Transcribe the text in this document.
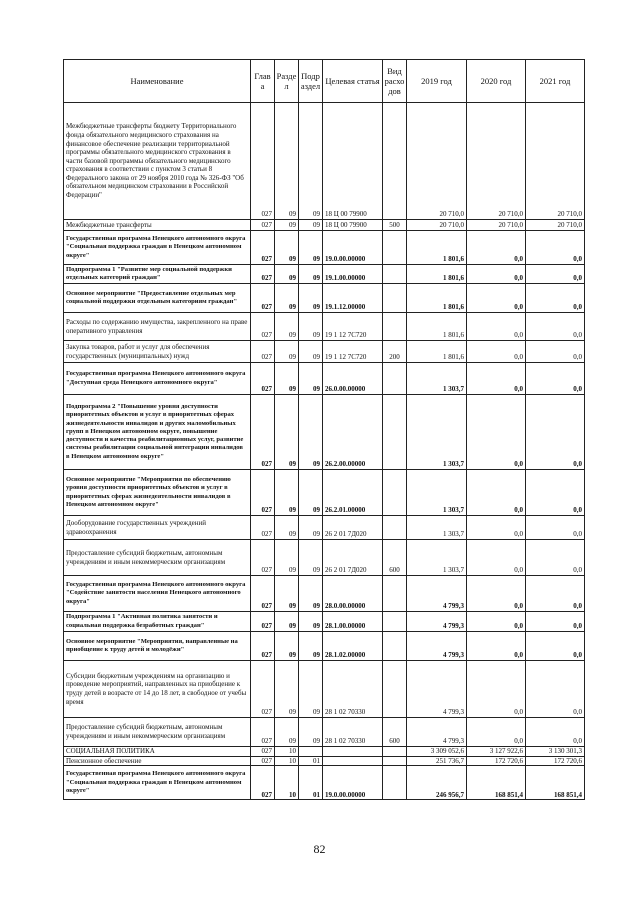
Наименование	Глав а	Разде л	Подр аздел	Целевая статья	Вид расхо дов	2019 год	2020 год	2021 год
Межбюджетные трансферты бюджету Территориального фонда обязательного медицинского страхования на финансовое обеспечение реализации территориальной программы обязательного медицинского страхования в части базовой программы обязательного медицинского страхования в соответствии с пунктом 3 статьи 8 Федерального закона от 29 ноября 2010 года № 326-ФЗ "Об обязательном медицинском страховании в Российской Федерации"	027	09	09	18 Ц 00 79900		20 710,0	20 710,0	20 710,0
Межбюджетные трансферты	027	09	09	18 Ц 00 79900	500	20 710,0	20 710,0	20 710,0
Государственная программа Ненецкого автономного округа "Социальная поддержка граждан в Ненецком автономном округе"	027	09	09	19.0.00.00000		1 801,6	0,0	0,0
Подпрограмма 1 "Развитие мер социальной поддержки отдельных категорий граждан"	027	09	09	19.1.00.00000		1 801,6	0,0	0,0
Основное мероприятие "Предоставление отдельных мер социальной поддержки отдельным категориям граждан"	027	09	09	19.1.12.00000		1 801,6	0,0	0,0
Расходы по содержанию имущества, закрепленного на праве оперативного управления	027	09	09	19 1 12 7С720		1 801,6	0,0	0,0
Закупка товаров, работ и услуг для обеспечения государственных (муниципальных) нужд	027	09	09	19 1 12 7С720	200	1 801,6	0,0	0,0
Государственная программа Ненецкого автономного округа "Доступная среда Ненецкого автономного округа"	027	09	09	26.0.00.00000		1 303,7	0,0	0,0
Подпрограмма 2 "Повышение уровня доступности приоритетных объектов и услуг в приоритетных сферах жизнедеятельности инвалидов и других маломобильных групп в Ненецком автономном округе, повышение доступности и качества реабилитационных услуг, развитие системы реабилитации социальной интеграции инвалидов в Ненецком автономном округе"	027	09	09	26.2.00.00000		1 303,7	0,0	0,0
Основное мероприятие "Мероприятия по обеспечению уровня доступности приоритетных объектов и услуг в приоритетных сферах жизнедеятельности инвалидов в Ненецком автономном округе"	027	09	09	26.2.01.00000		1 303,7	0,0	0,0
Дооборудование государственных учреждений здравоохранения	027	09	09	26 2 01 7Д020		1 303,7	0,0	0,0
Предоставление субсидий бюджетным, автономным учреждениям и иным некоммерческим организациям	027	09	09	26 2 01 7Д020	600	1 303,7	0,0	0,0
Государственная программа Ненецкого автономного округа "Содействие занятости населения Ненецкого автономного округа"	027	09	09	28.0.00.00000		4 799,3	0,0	0,0
Подпрограмма 1 "Активная политика занятости и социальная поддержка безработных граждан"	027	09	09	28.1.00.00000		4 799,3	0,0	0,0
Основное мероприятие "Мероприятия, направленные на приобщение к труду детей и молодёжи"	027	09	09	28.1.02.00000		4 799,3	0,0	0,0
Субсидии бюджетным учреждениям на организацию и проведение мероприятий, направленных на приобщение к труду детей в возрасте от 14 до 18 лет, в свободное от учебы время	027	09	09	28 1 02 70330		4 799,3	0,0	0,0
Предоставление субсидий бюджетным, автономным учреждениям и иным некоммерческим организациям	027	09	09	28 1 02 70330	600	4 799,3	0,0	0,0
СОЦИАЛЬНАЯ ПОЛИТИКА	027	10				3 309 052,6	3 127 922,6	3 130 301,3
Пенсионное обеспечение	027	10	01			251 736,7	172 720,6	172 720,6
Государственная программа Ненецкого автономного округа "Социальная поддержка граждан в Ненецком автономном округе"	027	10	01	19.0.00.00000		246 956,7	168 851,4	168 851,4
82
